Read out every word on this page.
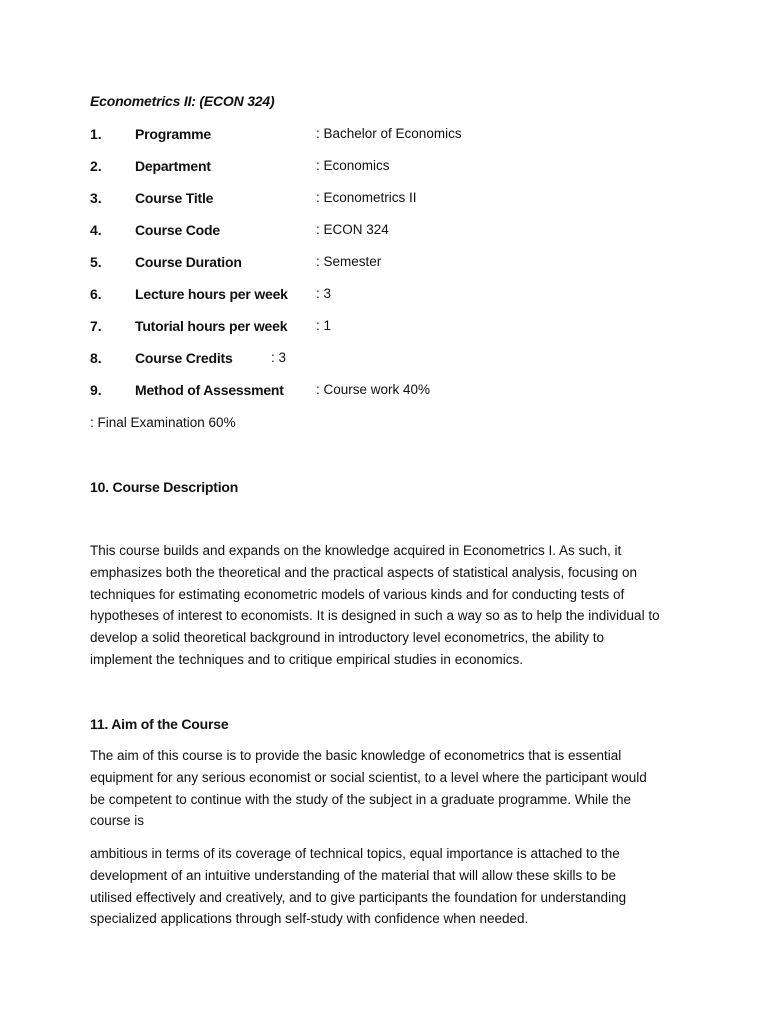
Econometrics II: (ECON 324)
1. Programme	: Bachelor of Economics
2. Department	: Economics
3. Course Title	: Econometrics II
4. Course Code	: ECON 324
5. Course Duration	: Semester
6. Lecture hours per week : 3
7. Tutorial hours per week : 1
8. Course Credits	: 3
9. Method of Assessment : Course work 40%
: Final Examination 60%
10. Course Description
This course builds and expands on the knowledge acquired in Econometrics I. As such, it
emphasizes both the theoretical and the practical aspects of statistical analysis, focusing on
techniques for estimating econometric models of various kinds and for conducting tests of
hypotheses of interest to economists. It is designed in such a way so as to help the individual to
develop a solid theoretical background in introductory level econometrics, the ability to
implement the techniques and to critique empirical studies in economics.
11. Aim of the Course
The aim of this course is to provide the basic knowledge of econometrics that is essential
equipment for any serious economist or social scientist, to a level where the participant would
be competent to continue with the study of the subject in a graduate programme. While the
course is
ambitious in terms of its coverage of technical topics, equal importance is attached to the
development of an intuitive understanding of the material that will allow these skills to be
utilised effectively and creatively, and to give participants the foundation for understanding
specialized applications through self-study with confidence when needed.
